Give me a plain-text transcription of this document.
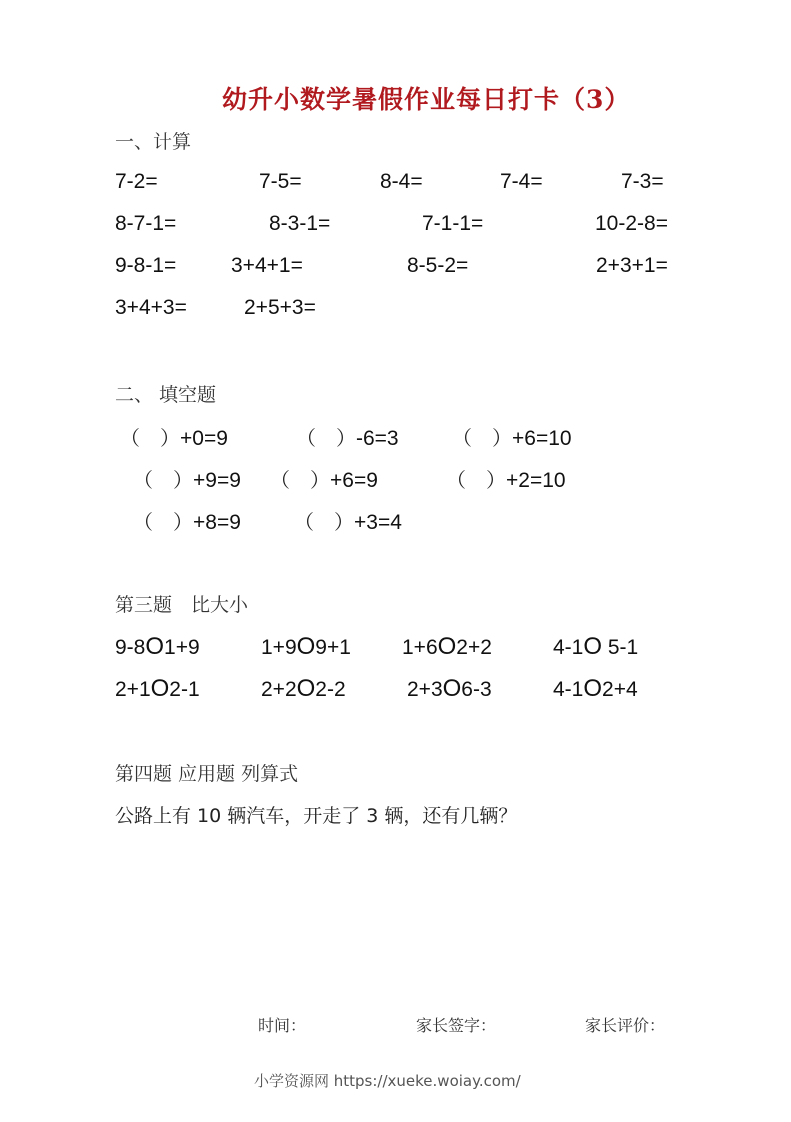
幼升小数学暑假作业每日打卡（3）
一、计算
7-2=	7-5=	8-4=	7-4=	7-3=
8-7-1=	8-3-1=	7-1-1=	10-2-8=
9-8-1=	3+4+1=	8-5-2=	2+3+1=
3+4+3=	2+5+3=
二、 填空题
（　）+0=9	（　）-6=3	（　）+6=10
（　）+9=9 （　）+6=9	（　）+2=10
（　）+8=9	（　）+3=4
第三题　比大小
9-8O1+9	1+9O9+1 1+6O2+2	4-1O 5-1
2+1O2-1	2+2O2-2	2+3O6-3	4-1O2+4
第四题 应用题 列算式
公路上有 10 辆汽车，开走了 3 辆，还有几辆？
时间：	家长签字：	家长评价：
小学资源网 https://xueke.woiay.com/
